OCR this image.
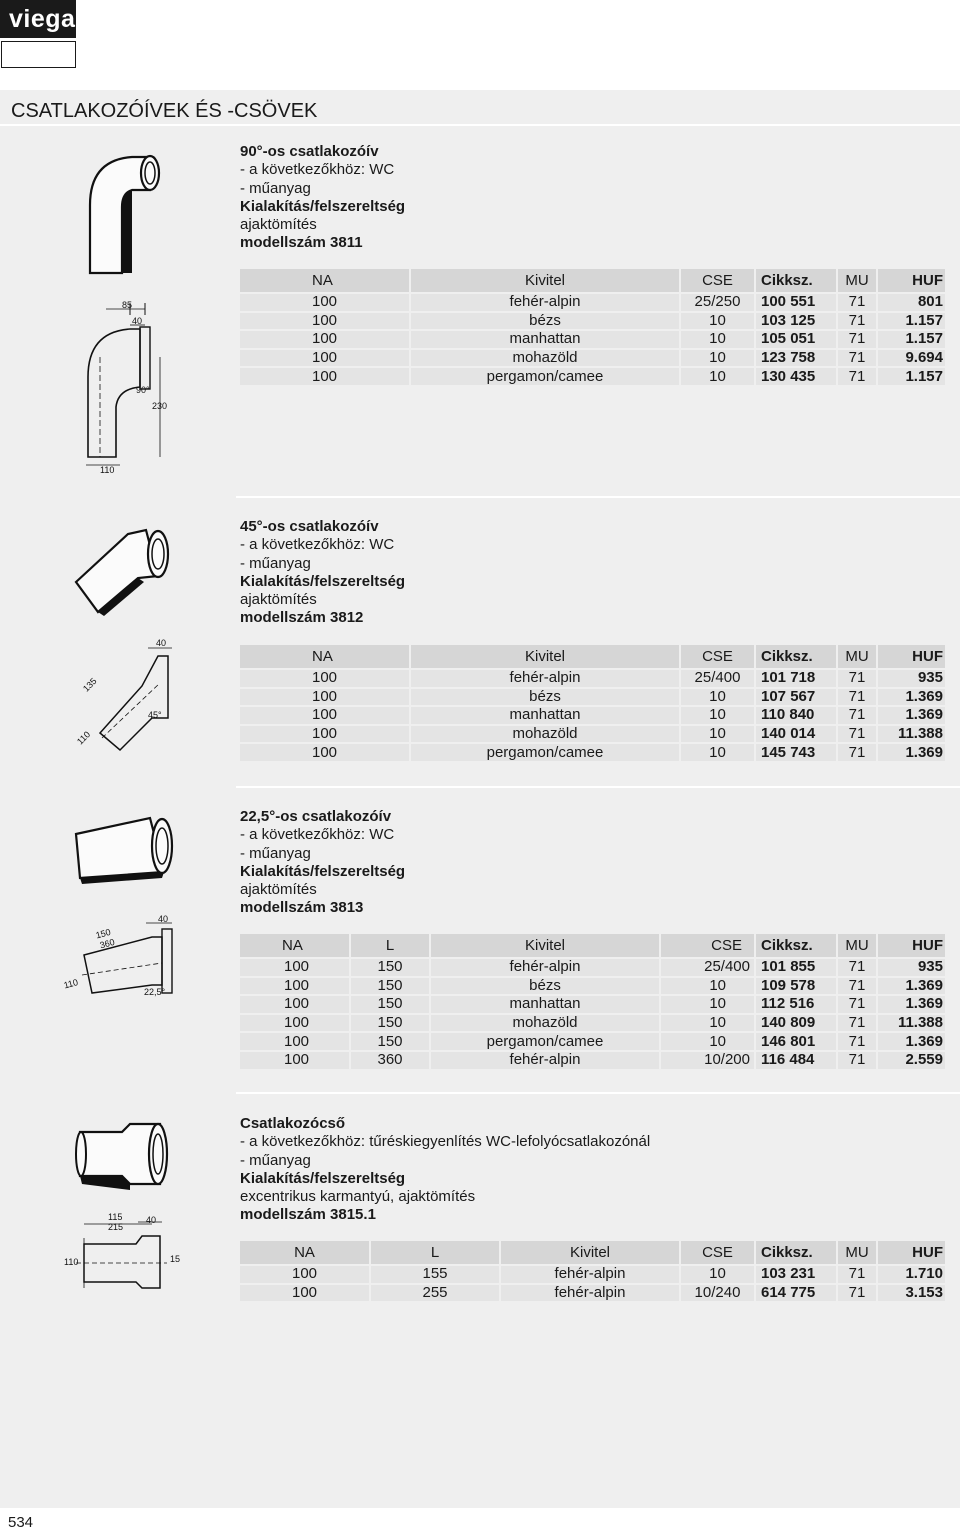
viega
CSATLAKOZÓÍVEK ÉS -CSÖVEK
85
40
90°
230
110
90°-os csatlakozóív
- a következőkhöz: WC
- műanyag
Kialakítás/felszereltség
ajaktömítés
modellszám 3811
NA	Kivitel	CSE	Cikksz.	MU	HUF
100	fehér-alpin	25/250	100 551	71	801
100	bézs	10	103 125	71	1.157
100	manhattan	10	105 051	71	1.157
100	mohazöld	10	123 758	71	9.694
100	pergamon/camee	10	130 435	71	1.157
40
135
45°
110
45°-os csatlakozóív
- a következőkhöz: WC
- műanyag
Kialakítás/felszereltség
ajaktömítés
modellszám 3812
NA	Kivitel	CSE	Cikksz.	MU	HUF
100	fehér-alpin	25/400	101 718	71	935
100	bézs	10	107 567	71	1.369
100	manhattan	10	110 840	71	1.369
100	mohazöld	10	140 014	71	11.388
100	pergamon/camee	10	145 743	71	1.369
150
360
40
110
22,5°
22,5°-os csatlakozóív
- a következőkhöz: WC
- műanyag
Kialakítás/felszereltség
ajaktömítés
modellszám 3813
NA	L	Kivitel	CSE	Cikksz.	MU	HUF
100	150	fehér-alpin	25/400	101 855	71	935
100	150	bézs	10	109 578	71	1.369
100	150	manhattan	10	112 516	71	1.369
100	150	mohazöld	10	140 809	71	11.388
100	150	pergamon/camee	10	146 801	71	1.369
100	360	fehér-alpin	10/200	116 484	71	2.559
115
215
40
110	15
Csatlakozócső
- a következőkhöz: tűréskiegyenlítés WC-lefolyócsatlakozónál
- műanyag
Kialakítás/felszereltség
excentrikus karmantyú, ajaktömítés
modellszám 3815.1
NA	L	Kivitel	CSE	Cikksz.	MU	HUF
100	155	fehér-alpin	10	103 231	71	1.710
100	255	fehér-alpin	10/240	614 775	71	3.153
534
